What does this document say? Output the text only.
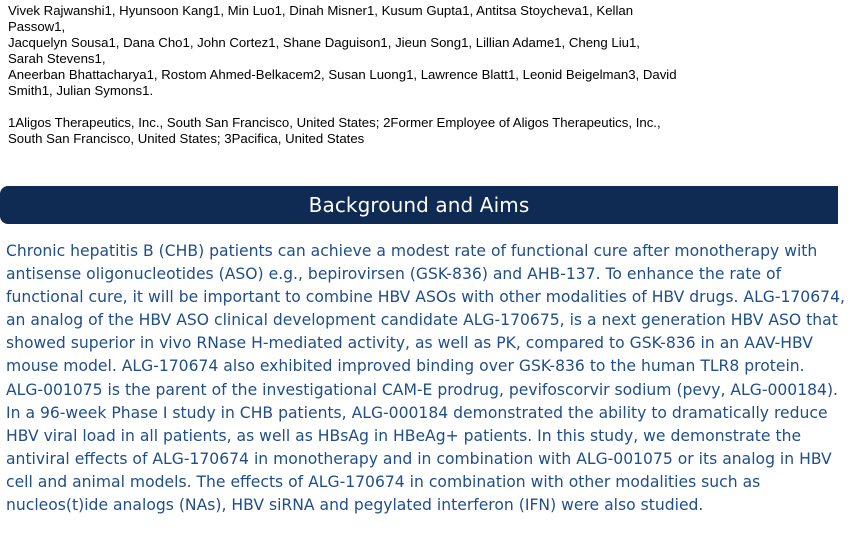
Vivek Rajwanshi1, Hyunsoon Kang1, Min Luo1, Dinah Misner1, Kusum Gupta1, Antitsa Stoycheva1, Kellan
Passow1,
Jacquelyn Sousa1, Dana Cho1, John Cortez1, Shane Daguison1, Jieun Song1, Lillian Adame1, Cheng Liu1,
Sarah Stevens1,
Aneerban Bhattacharya1, Rostom Ahmed-Belkacem2, Susan Luong1, Lawrence Blatt1, Leonid Beigelman3, David
Smith1, Julian Symons1.
1Aligos Therapeutics, Inc., South San Francisco, United States; 2Former Employee of Aligos Therapeutics, Inc.,
South San Francisco, United States; 3Pacifica, United States
Background and Aims
Chronic hepatitis B (CHB) patients can achieve a modest rate of functional cure after monotherapy with
antisense oligonucleotides (ASO) e.g., bepirovirsen (GSK-836) and AHB-137. To enhance the rate of
functional cure, it will be important to combine HBV ASOs with other modalities of HBV drugs. ALG-170674,
an analog of the HBV ASO clinical development candidate ALG-170675, is a next generation HBV ASO that
showed superior in vivo RNase H-mediated activity, as well as PK, compared to GSK-836 in an AAV-HBV
mouse model. ALG-170674 also exhibited improved binding over GSK-836 to the human TLR8 protein.
ALG-001075 is the parent of the investigational CAM-E prodrug, pevifoscorvir sodium (pevy, ALG-000184).
In a 96-week Phase I study in CHB patients, ALG-000184 demonstrated the ability to dramatically reduce
HBV viral load in all patients, as well as HBsAg in HBeAg+ patients. In this study, we demonstrate the
antiviral effects of ALG-170674 in monotherapy and in combination with ALG-001075 or its analog in HBV
cell and animal models. The effects of ALG-170674 in combination with other modalities such as
nucleos(t)ide analogs (NAs), HBV siRNA and pegylated interferon (IFN) were also studied.
